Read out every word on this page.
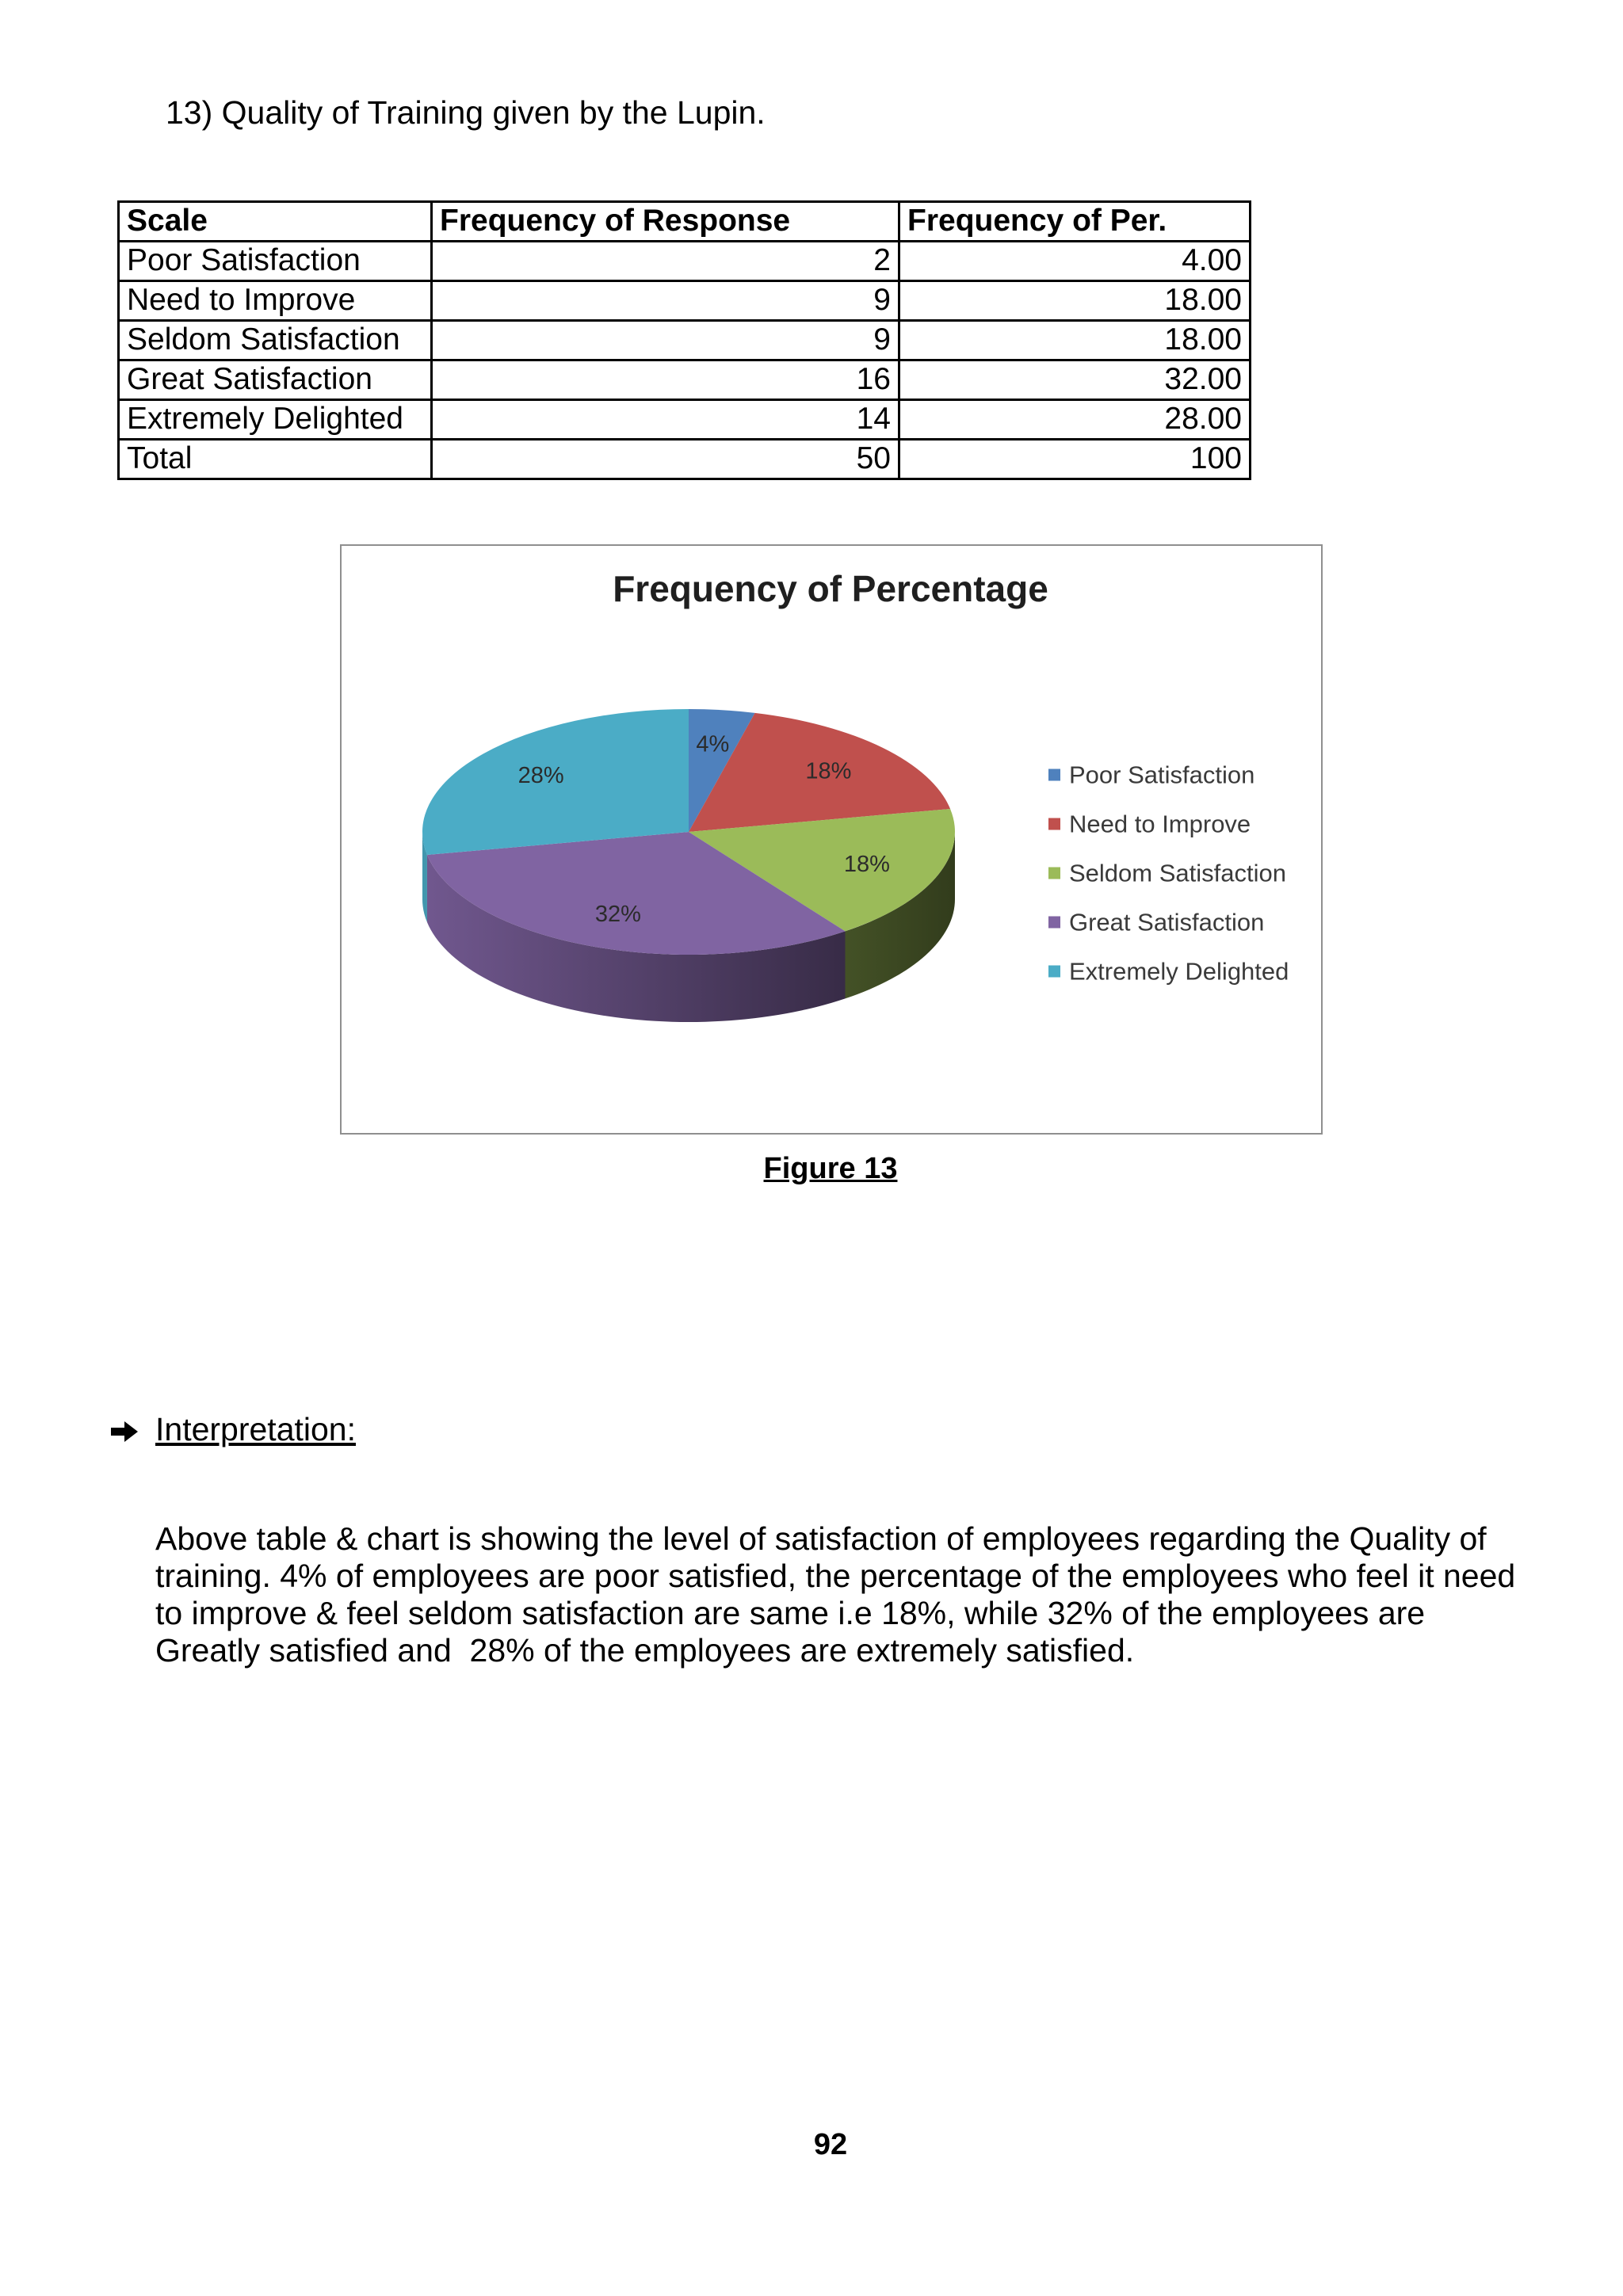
13) Quality of Training given by the Lupin.
Scale	Frequency of Response	Frequency of Per.
Poor Satisfaction	2	4.00
Need to Improve	9	18.00
Seldom Satisfaction	9	18.00
Great Satisfaction	16	32.00
Extremely Delighted	14	28.00
Total	50	100
Frequency of Percentage
4%
18%
18%
32%
28%	Poor Satisfaction
Need to Improve
Seldom Satisfaction
Great Satisfaction
Extremely Delighted
Figure 13
Interpretation:
Above table & chart is showing the level of satisfaction of employees regarding the Quality of
training. 4% of employees are poor satisfied, the percentage of the employees who feel it need
to improve & feel seldom satisfaction are same i.e 18%, while 32% of the employees are
Greatly satisfied and  28% of the employees are extremely satisfied.
92
